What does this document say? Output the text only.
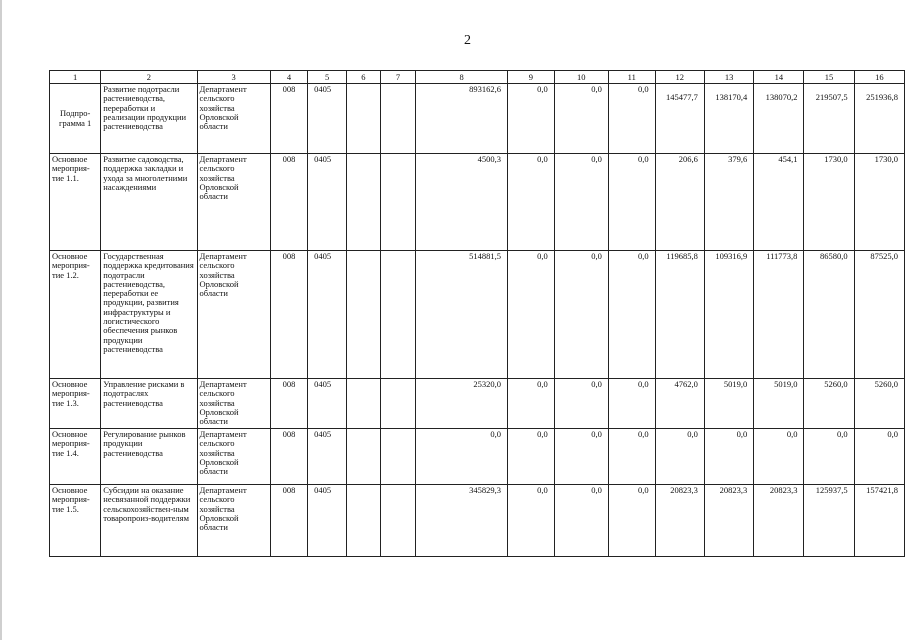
2
1	2	3	4	5	6	7	8	9	10	11	12	13	14	15	16
Подпро-грамма 1	Развитие подотрасли растениеводства, переработки и реализации продукции растениеводства	Департамент сельского хозяйства Орловской области	008	0405			893162,6	0,0	0,0	0,0	145477,7	138170,4	138070,2	219507,5	251936,8
Основное мероприя-тие 1.1.	Развитие садоводства, поддержка закладки и ухода за многолетними насаждениями	Департамент сельского хозяйства Орловской области	008	0405			4500,3	0,0	0,0	0,0	206,6	379,6	454,1	1730,0	1730,0
Основное мероприя-тие 1.2.	Государственная поддержка кредитования подотрасли растениеводства, переработки ее продукции, развития инфраструктуры и логистического обеспечения рынков продукции растениеводства	Департамент сельского хозяйства Орловской области	008	0405			514881,5	0,0	0,0	0,0	119685,8	109316,9	111773,8	86580,0	87525,0
Основное мероприя-тие 1.3.	Управление рисками в подотраслях растениеводства	Департамент сельского хозяйства Орловской области	008	0405			25320,0	0,0	0,0	0,0	4762,0	5019,0	5019,0	5260,0	5260,0
Основное мероприя-тие 1.4.	Регулирование рынков продукции растениеводства	Департамент сельского хозяйства Орловской области	008	0405			0,0	0,0	0,0	0,0	0,0	0,0	0,0	0,0	0,0
Основное мероприя-тие 1.5.	Субсидии на оказание несвязанной поддержки сельскохозяйствен-ным товаропроиз-водителям	Департамент сельского хозяйства Орловской области	008	0405			345829,3	0,0	0,0	0,0	20823,3	20823,3	20823,3	125937,5	157421,8
